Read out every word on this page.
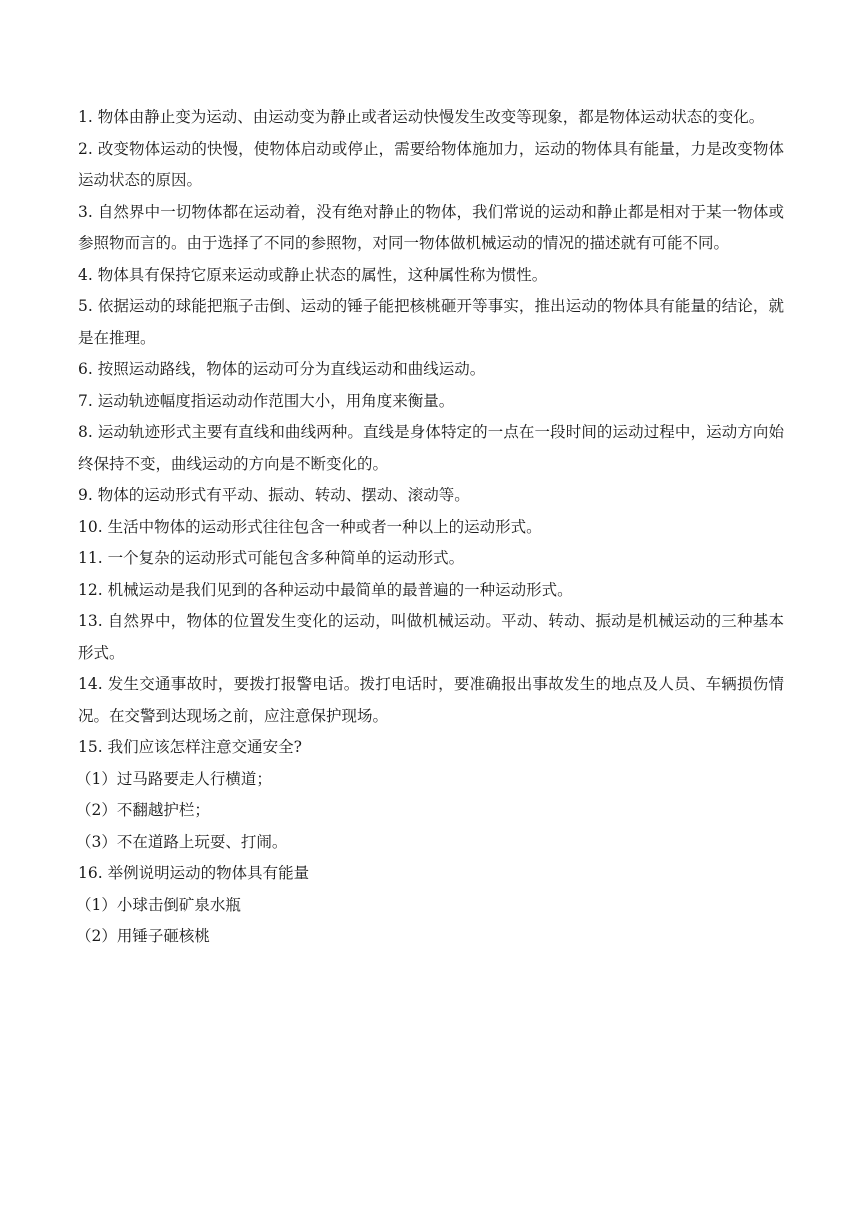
1. 物体由静止变为运动、由运动变为静止或者运动快慢发生改变等现象，都是物体运动状态的变化。

2. 改变物体运动的快慢，使物体启动或停止，需要给物体施加力，运动的物体具有能量，力是改变物体运动状态的原因。

3. 自然界中一切物体都在运动着，没有绝对静止的物体，我们常说的运动和静止都是相对于某一物体或参照物而言的。由于选择了不同的参照物，对同一物体做机械运动的情况的描述就有可能不同。

4. 物体具有保持它原来运动或静止状态的属性，这种属性称为惯性。

5. 依据运动的球能把瓶子击倒、运动的锤子能把核桃砸开等事实，推出运动的物体具有能量的结论，就是在推理。

6. 按照运动路线，物体的运动可分为直线运动和曲线运动。

7. 运动轨迹幅度指运动动作范围大小，用角度来衡量。

8. 运动轨迹形式主要有直线和曲线两种。直线是身体特定的一点在一段时间的运动过程中，运动方向始终保持不变，曲线运动的方向是不断变化的。

9. 物体的运动形式有平动、振动、转动、摆动、滚动等。

10. 生活中物体的运动形式往往包含一种或者一种以上的运动形式。

11. 一个复杂的运动形式可能包含多种简单的运动形式。

12. 机械运动是我们见到的各种运动中最简单的最普遍的一种运动形式。

13. 自然界中，物体的位置发生变化的运动，叫做机械运动。平动、转动、振动是机械运动的三种基本形式。

14. 发生交通事故时，要拨打报警电话。拨打电话时，要准确报出事故发生的地点及人员、车辆损伤情况。在交警到达现场之前，应注意保护现场。

15. 我们应该怎样注意交通安全?

（1）过马路要走人行横道；

（2）不翻越护栏；

（3）不在道路上玩耍、打闹。

16. 举例说明运动的物体具有能量

（1）小球击倒矿泉水瓶

（2）用锤子砸核桃
